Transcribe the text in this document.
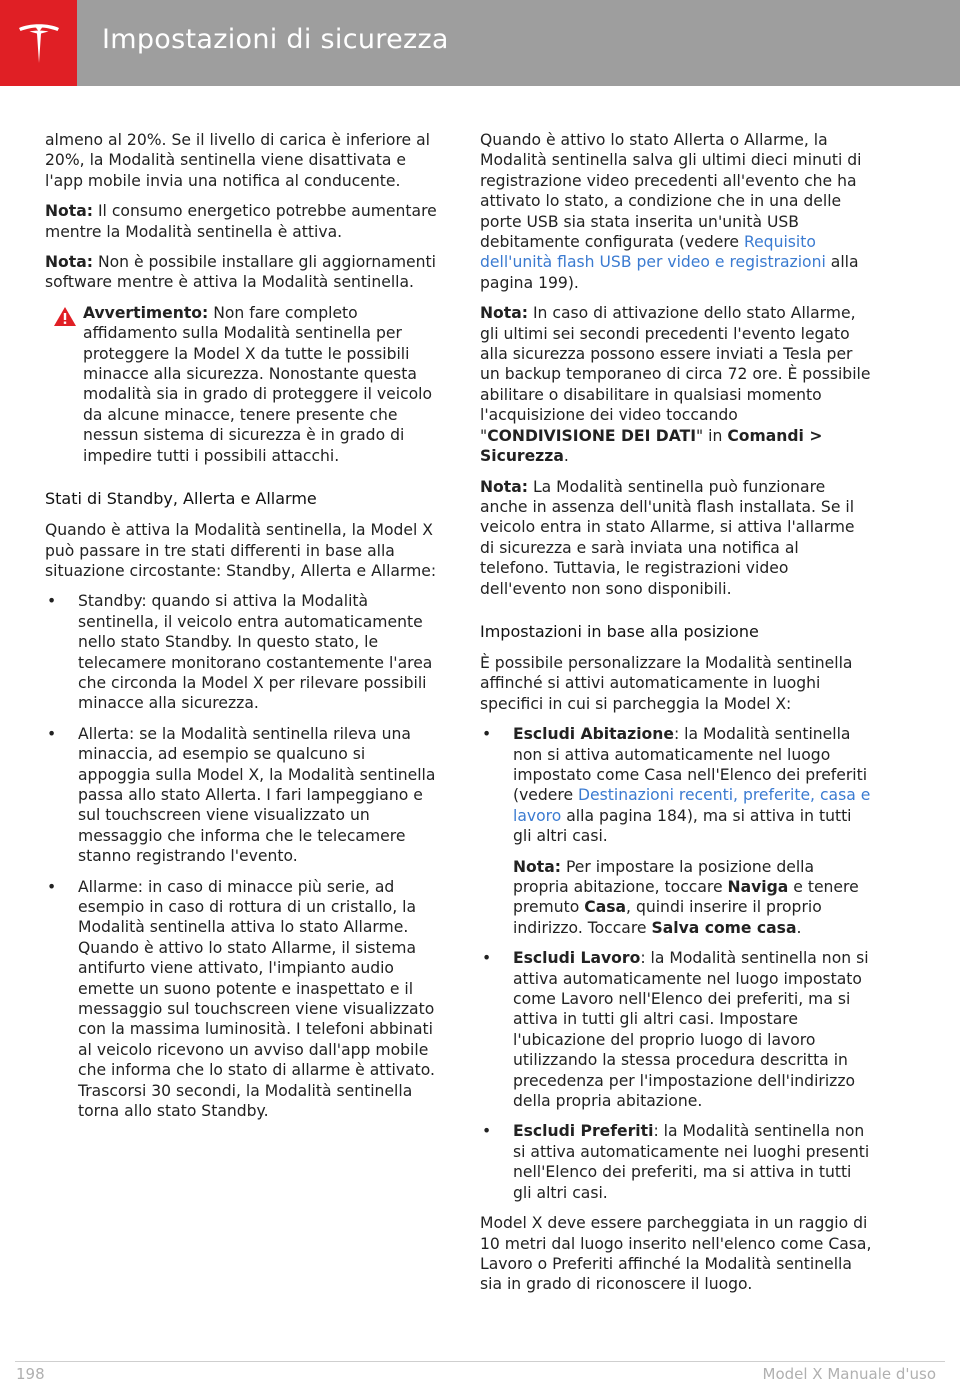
Impostazioni di sicurezza

almeno al 20%. Se il livello di carica è inferiore al 20%, la Modalità sentinella viene disattivata e l'app mobile invia una notifica al conducente.

Nota: Il consumo energetico potrebbe aumentare mentre la Modalità sentinella è attiva.

Nota: Non è possibile installare gli aggiornamenti software mentre è attiva la Modalità sentinella.

Avvertimento: Non fare completo affidamento sulla Modalità sentinella per proteggere la Model X da tutte le possibili minacce alla sicurezza. Nonostante questa modalità sia in grado di proteggere il veicolo da alcune minacce, tenere presente che nessun sistema di sicurezza è in grado di impedire tutti i possibili attacchi.
Stati di Standby, Allerta e Allarme

Quando è attiva la Modalità sentinella, la Model X può passare in tre stati differenti in base alla situazione circostante: Standby, Allerta e Allarme:

• Standby: quando si attiva la Modalità sentinella, il veicolo entra automaticamente nello stato Standby. In questo stato, le telecamere monitorano costantemente l'area che circonda la Model X per rilevare possibili minacce alla sicurezza.
• Allerta: se la Modalità sentinella rileva una minaccia, ad esempio se qualcuno si appoggia sulla Model X, la Modalità sentinella passa allo stato Allerta. I fari lampeggiano e sul touchscreen viene visualizzato un messaggio che informa che le telecamere stanno registrando l'evento.
• Allarme: in caso di minacce più serie, ad esempio in caso di rottura di un cristallo, la Modalità sentinella attiva lo stato Allarme. Quando è attivo lo stato Allarme, il sistema antifurto viene attivato, l'impianto audio emette un suono potente e inaspettato e il messaggio sul touchscreen viene visualizzato con la massima luminosità. I telefoni abbinati al veicolo ricevono un avviso dall'app mobile che informa che lo stato di allarme è attivato. Trascorsi 30 secondi, la Modalità sentinella torna allo stato Standby.

Quando è attivo lo stato Allerta o Allarme, la Modalità sentinella salva gli ultimi dieci minuti di registrazione video precedenti all'evento che ha attivato lo stato, a condizione che in una delle porte USB sia stata inserita un'unità USB debitamente configurata (vedere Requisito dell'unità flash USB per video e registrazioni alla pagina 199).

Nota: In caso di attivazione dello stato Allarme, gli ultimi sei secondi precedenti l'evento legato alla sicurezza possono essere inviati a Tesla per un backup temporaneo di circa 72 ore. È possibile abilitare o disabilitare in qualsiasi momento l'acquisizione dei video toccando "CONDIVISIONE DEI DATI" in Comandi > Sicurezza.

Nota: La Modalità sentinella può funzionare anche in assenza dell'unità flash installata. Se il veicolo entra in stato Allarme, si attiva l'allarme di sicurezza e sarà inviata una notifica al telefono. Tuttavia, le registrazioni video dell'evento non sono disponibili.

Impostazioni in base alla posizione

È possibile personalizzare la Modalità sentinella affinché si attivi automaticamente in luoghi specifici in cui si parcheggia la Model X:

• Escludi Abitazione: la Modalità sentinella non si attiva automaticamente nel luogo impostato come Casa nell'Elenco dei preferiti (vedere Destinazioni recenti, preferite, casa e lavoro alla pagina 184), ma si attiva in tutti gli altri casi.

Nota: Per impostare la posizione della propria abitazione, toccare Naviga e tenere premuto Casa, quindi inserire il proprio indirizzo. Toccare Salva come casa.

• Escludi Lavoro: la Modalità sentinella non si attiva automaticamente nel luogo impostato come Lavoro nell'Elenco dei preferiti, ma si attiva in tutti gli altri casi. Impostare l'ubicazione del proprio luogo di lavoro utilizzando la stessa procedura descritta in precedenza per l'impostazione dell'indirizzo della propria abitazione.
• Escludi Preferiti: la Modalità sentinella non si attiva automaticamente nei luoghi presenti nell'Elenco dei preferiti, ma si attiva in tutti gli altri casi.

Model X deve essere parcheggiata in un raggio di 10 metri dal luogo inserito nell'elenco come Casa, Lavoro o Preferiti affinché la Modalità sentinella sia in grado di riconoscere il luogo.

198	Model X Manuale d'uso
